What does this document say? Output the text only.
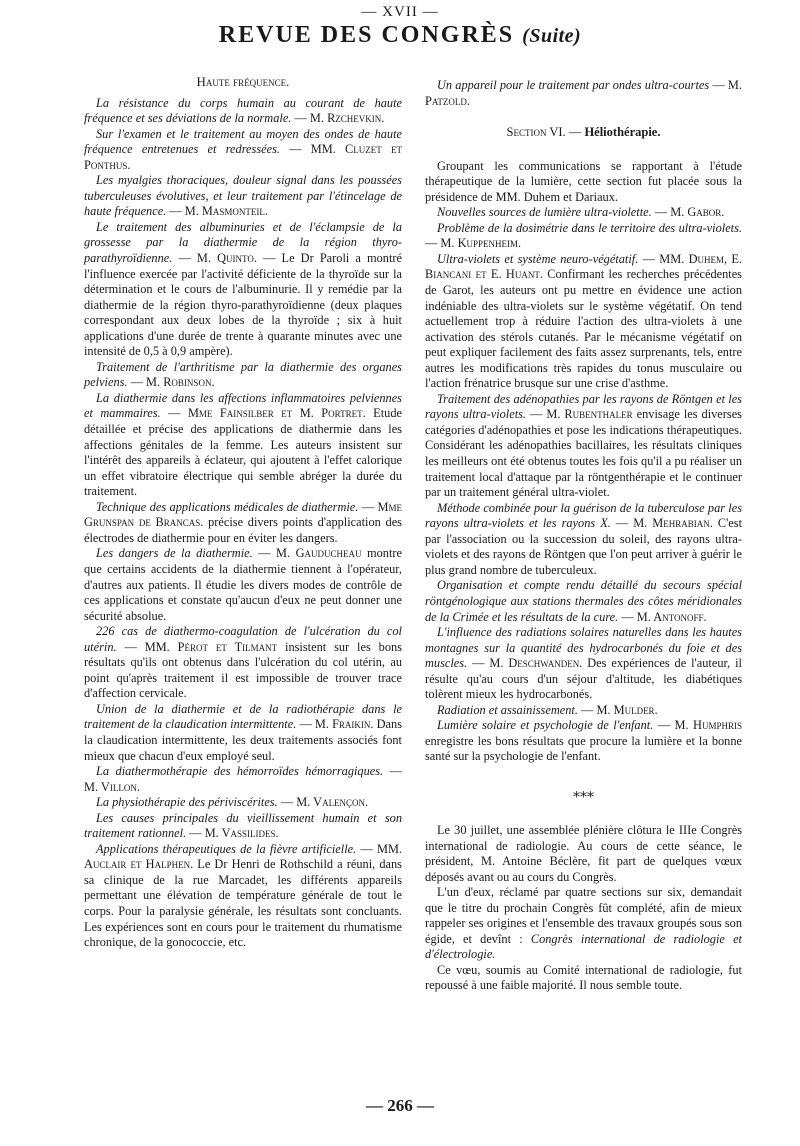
— XVII —
REVUE DES CONGRÈS (Suite)
Haute fréquence.

La résistance du corps humain au courant de haute fréquence et ses déviations de la normale. — M. Rzchevkin.

Sur l'examen et le traitement au moyen des ondes de haute fréquence entretenues et redressées. — MM. Cluzet et Ponthus.

Les myalgies thoraciques, douleur signal dans les poussées tuberculeuses évolutives, et leur traitement par l'étincelage de haute fréquence. — M. Masmonteil.

Le traitement des albuminuries et de l'éclampsie de la grossesse par la diathermie de la région thyro-parathyroïdienne. — M. Quinto. — Le Dr Paroli a montré l'influence exercée par l'activité déficiente de la thyroïde sur la détermination et le cours de l'albuminurie. Il y remédie par la diathermie de la région thyro-parathyroïdienne (deux plaques correspondant aux deux lobes de la thyroïde ; six à huit applications d'une durée de trente à quarante minutes avec une intensité de 0,5 à 0,9 ampère).

Traitement de l'arthritisme par la diathermie des organes pelviens. — M. Robinson.

La diathermie dans les affections inflammatoires pelviennes et mammaires. — Mme Fainsilber et M. Portret. Etude détaillée et précise des applications de diathermie dans les affections génitales de la femme. Les auteurs insistent sur l'intérêt des appareils à éclateur, qui ajoutent à l'effet calorique un effet vibratoire électrique qui semble abréger la durée du traitement.

Technique des applications médicales de diathermie. — Mme Grunspan de Brancas. précise divers points d'application des électrodes de diathermie pour en éviter les dangers.

Les dangers de la diathermie. — M. Gauducheau montre que certains accidents de la diathermie tiennent à l'opérateur, d'autres aux patients. Il étudie les divers modes de contrôle de ces applications et constate qu'aucun d'eux ne peut donner une sécurité absolue.

226 cas de diathermo-coagulation de l'ulcération du col utérin. — MM. Pérot et Tilmant insistent sur les bons résultats qu'ils ont obtenus dans l'ulcération du col utérin, au point qu'après traitement il est impossible de trouver trace d'affection cervicale.

Union de la diathermie et de la radiothérapie dans le traitement de la claudication intermittente. — M. Fraikin. Dans la claudication intermittente, les deux traitements associés font mieux que chacun d'eux employé seul.

La diathermothérapie des hémorroïdes hémorragiques. — M. Villon.

La physiothérapie des périviscérites. — M. Valençon.

Les causes principales du vieillissement humain et son traitement rationnel. — M. Vassilides.

Applications thérapeutiques de la fièvre artificielle. — MM. Auclair et Halphen. Le Dr Henri de Rothschild a réuni, dans sa clinique de la rue Marcadet, les différents appareils permettant une élévation de température générale de tout le corps. Pour la paralysie générale, les résultats sont concluants. Les expériences sont en cours pour le traitement du rhumatisme chronique, de la gonococcie, etc.

Un appareil pour le traitement par ondes ultra-courtes — M. Patzold.

Section VI. — Héliothérapie.

Groupant les communications se rapportant à l'étude thérapeutique de la lumière, cette section fut placée sous la présidence de MM. Duhem et Dariaux.

Nouvelles sources de lumière ultra-violette. — M. Gabor.

Problème de la dosimétrie dans le territoire des ultra-violets. — M. Kuppenheim.

Ultra-violets et système neuro-végétatif. — MM. Duhem, E. Biancani et E. Huant. Confirmant les recherches précédentes de Garot, les auteurs ont pu mettre en évidence une action indéniable des ultra-violets sur le système végétatif. On tend actuellement trop à réduire l'action des ultra-violets à une activation des stérols cutanés. Par le mécanisme végétatif on peut expliquer facilement des faits assez surprenants, tels, entre autres les modifications très rapides du tonus musculaire ou l'action frénatrice brusque sur une crise d'asthme.

Traitement des adénopathies par les rayons de Röntgen et les rayons ultra-violets. — M. Rubenthaler envisage les diverses catégories d'adénopathies et pose les indications thérapeutiques. Considérant les adénopathies bacillaires, les résultats cliniques les meilleurs ont été obtenus toutes les fois qu'il a pu réaliser un traitement local d'attaque par la röntgenthérapie et le continuer par un traitement général ultra-violet.

Méthode combinée pour la guérison de la tuberculose par les rayons ultra-violets et les rayons X. — M. Mehrabian. C'est par l'association ou la succession du soleil, des rayons ultra-violets et des rayons de Röntgen que l'on peut arriver à guérir le plus grand nombre de tuberculeux.

Organisation et compte rendu détaillé du secours spécial röntgénologique aux stations thermales des côtes méridionales de la Crimée et les résultats de la cure. — M. Antonoff.

L'influence des radiations solaires naturelles dans les hautes montagnes sur la quantité des hydrocarbonés du foie et des muscles. — M. Deschwanden. Des expériences de l'auteur, il résulte qu'au cours d'un séjour d'altitude, les diabétiques tolèrent mieux les hydrocarbonés.

Radiation et assainissement. — M. Mulder.

Lumière solaire et psychologie de l'enfant. — M. Humphris enregistre les bons résultats que procure la lumière et la bonne santé sur la psychologie de l'enfant.

⁎⁎⁎

Le 30 juillet, une assemblée plénière clôtura le IIIe Congrès international de radiologie. Au cours de cette séance, le président, M. Antoine Béclère, fit part de quelques vœux déposés avant ou au cours du Congrès.

L'un d'eux, réclamé par quatre sections sur six, demandait que le titre du prochain Congrès fût complété, afin de mieux rappeler ses origines et l'ensemble des travaux groupés sous son égide, et devînt : Congrès international de radiologie et d'électrologie.

Ce vœu, soumis au Comité international de radiologie, fut repoussé à une faible majorité. Il nous semble toute.

— 266 —
